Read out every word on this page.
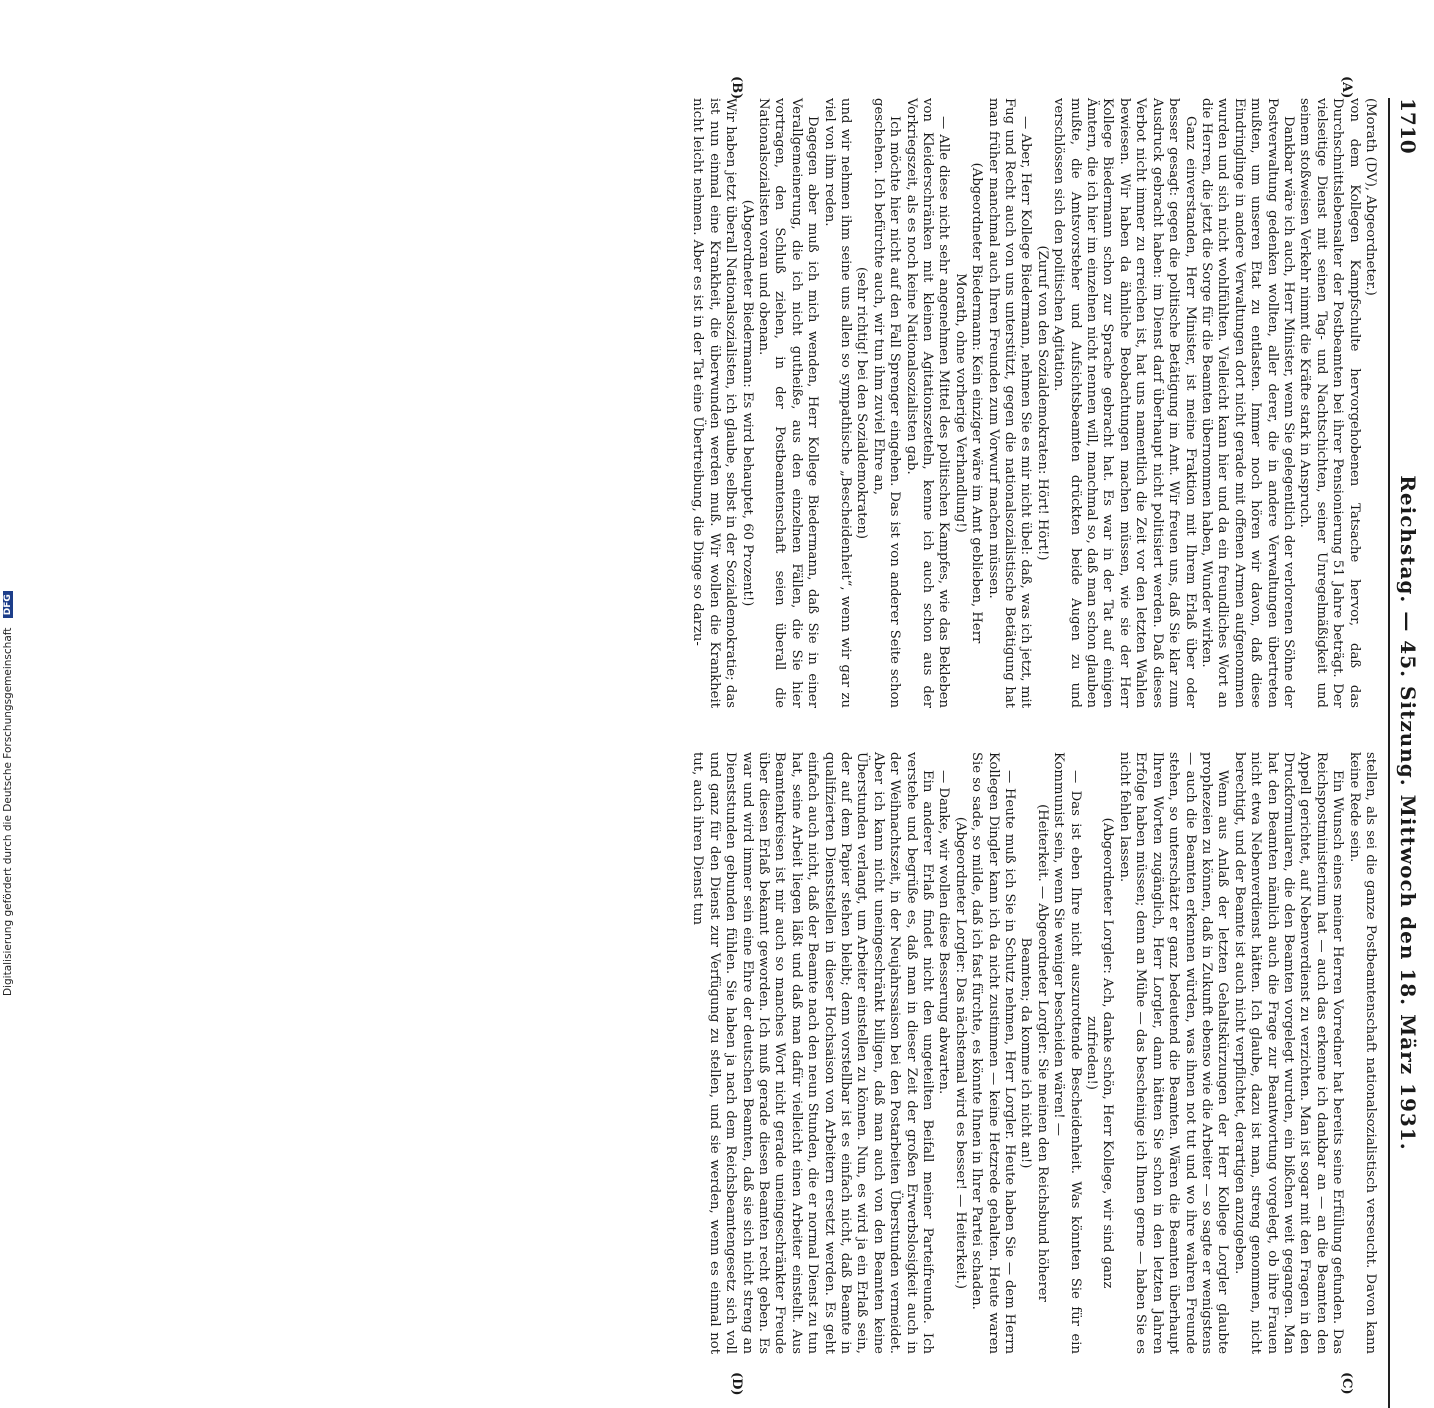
Digitalisierung gefördert durch die Deutsche Forschungsgemeinschaft DFG
1710
Reichstag. — 45. Sitzung. Mittwoch den 18. März 1931.
(A)
(B)
(C)
(D)

(Morath (DV), Abgeordneter.)

von dem Kollegen Kampfschulte hervorgehobenen Tatsache hervor, daß das Durchschnittslebensalter der Postbeamten bei ihrer Pensionierung 51 Jahre beträgt. Der vielseitige Dienst mit seinen Tag- und Nachtschichten, seiner Unregelmäßigkeit und seinem stoßweisen Verkehr nimmt die Kräfte stark in Anspruch.

Dankbar wäre ich auch, Herr Minister, wenn Sie gelegentlich der verlorenen Söhne der Postverwaltung gedenken wollten, aller derer, die in andere Verwaltungen übertreten mußten, um unseren Etat zu entlasten. Immer noch hören wir davon, daß diese Eindringlinge in andere Verwaltungen dort nicht gerade mit offenen Armen aufgenommen wurden und sich nicht wohlfühlten. Vielleicht kann hier und da ein freundliches Wort an die Herren, die jetzt die Sorge für die Beamten übernommen haben, Wunder wirken.

Ganz einverstanden, Herr Minister, ist meine Fraktion mit Ihrem Erlaß über oder besser gesagt: gegen die politische Betätigung im Amt. Wir freuen uns, daß Sie klar zum Ausdruck gebracht haben: im Dienst darf überhaupt nicht politisiert werden. Daß dieses Verbot nicht immer zu erreichen ist, hat uns namentlich die Zeit vor den letzten Wahlen bewiesen. Wir haben da ähnliche Beobachtungen machen müssen, wie sie der Herr Kollege Biedermann schon zur Sprache gebracht hat. Es war in der Tat auf einigen Ämtern, die ich hier im einzelnen nicht nennen will, manchmal so, daß man schon glauben mußte, die Amtsvorsteher und Aufsichtsbeamten drückten beide Augen zu und verschlössen sich den politischen Agitation.

(Zuruf von den Sozialdemokraten: Hört! Hört!)

— Aber, Herr Kollege Biedermann, nehmen Sie es mir nicht übel: daß, was ich jetzt, mit Fug und Recht auch von uns unterstützt, gegen die nationalsozialistische Betätigung hat man früher manchmal auch Ihren Freunden zum Vorwurf machen müssen.

(Abgeordneter Biedermann: Kein einziger wäre im Amt geblieben, Herr Morath, ohne vorherige Verhandlung!)

— Alle diese nicht sehr angenehmen Mittel des politischen Kampfes, wie das Bekleben von Kleiderschränken mit kleinen Agitationszetteln, kenne ich auch schon aus der Vorkriegszeit, als es noch keine Nationalsozialisten gab.

Ich möchte hier nicht auf den Fall Sprenger eingehen. Das ist von anderer Seite schon geschehen. Ich befürchte auch, wir tun ihm zuviel Ehre an,

(sehr richtig! bei den Sozialdemokraten)

und wir nehmen ihm seine uns allen so sympathische „Bescheidenheit“, wenn wir gar zu viel von ihm reden.

Dagegen aber muß ich mich wenden, Herr Kollege Biedermann, daß Sie in einer Verallgemeinerung, die ich nicht gutheiße, aus den einzelnen Fällen, die Sie hier vortragen, den Schluß ziehen, in der Postbeamtenschaft seien überall die Nationalsozialisten voran und obenan.

(Abgeordneter Biedermann: Es wird behauptet, 60 Prozent!)

Wir haben jetzt überall Nationalsozialisten, ich glaube, selbst in der Sozialdemokratie; das ist nun einmal eine Krankheit, die überwunden werden muß. Wir wollen die Krankheit nicht leicht nehmen. Aber es ist in der Tat eine Übertreibung, die Dinge so darzu-

stellen, als sei die ganze Postbeamtenschaft nationalsozialistisch verseucht. Davon kann keine Rede sein.

Ein Wunsch eines meiner Herren Vorredner hat bereits seine Erfüllung gefunden. Das Reichspostministerium hat — auch das erkenne ich dankbar an — an die Beamten den Appell gerichtet, auf Nebenverdienst zu verzichten. Man ist sogar mit den Fragen in den Druckformularen, die den Beamten vorgelegt wurden, ein bißchen weit gegangen. Man hat den Beamten nämlich auch die Frage zur Beantwortung vorgelegt, ob ihre Frauen nicht etwa Nebenverdienst hätten. Ich glaube, dazu ist man, streng genommen, nicht berechtigt, und der Beamte ist auch nicht verpflichtet, derartigen anzugeben.

Wenn aus Anlaß der letzten Gehaltskürzungen der Herr Kollege Lorgler glaubte prophezeien zu können, daß in Zukunft ebenso wie die Arbeiter — so sagte er wenigstens — auch die Beamten erkennen würden, was ihnen not tut und wo ihre wahren Freunde stehen, so unterschätzt er ganz bedeutend die Beamten. Wären die Beamten überhaupt Ihren Worten zugänglich, Herr Lorgler, dann hätten Sie schon in den letzten Jahren Erfolge haben müssen; denn an Mühe — das bescheinige ich Ihnen gerne — haben Sie es nicht fehlen lassen.

(Abgeordneter Lorgler: Ach, danke schön, Herr Kollege, wir sind ganz zufrieden!)

— Das ist eben Ihre nicht auszurottende Bescheidenheit. Was könnten Sie für ein Kommunist sein, wenn Sie weniger bescheiden wären! —

(Heiterkeit. — Abgeordneter Lorgler: Sie meinen den Reichsbund höherer Beamten; da komme ich nicht an!)

— Heute muß ich Sie in Schutz nehmen, Herr Lorgler. Heute haben Sie — dem Herrn Kollegen Dingler kann ich da nicht zustimmen — keine Hetzrede gehalten. Heute waren Sie so sade, so milde, daß ich fast fürchte, es könnte Ihnen in Ihrer Partei schaden.

(Abgeordneter Lorgler: Das nächstemal wird es besser! — Heiterkeit.)

— Danke, wir wollen diese Besserung abwarten.

Ein anderer Erlaß findet nicht den ungeteilten Beifall meiner Parteifreunde. Ich verstehe und begrüße es, daß man in dieser Zeit der großen Erwerbslosigkeit auch in der Weihnachtszeit, in der Neujahrssaison bei den Postarbeiten Überstunden vermeidet. Aber ich kann nicht uneingeschränkt billigen, daß man auch von den Beamten keine Überstunden verlangt, um Arbeiter einstellen zu können. Nun, es wird ja ein Erlaß sein, der auf dem Papier stehen bleibt; denn vorstellbar ist es einfach nicht, daß Beamte in qualifizierten Dienststellen in dieser Hochsaison von Arbeitern ersetzt werden. Es geht einfach auch nicht, daß der Beamte nach den neun Stunden, die er normal Dienst zu tun hat, seine Arbeit liegen läßt und daß man dafür vielleicht einen Arbeiter einstellt. Aus Beamtenkreisen ist mir auch so manches Wort nicht gerade uneingeschränkter Freude über diesen Erlaß bekannt geworden. Ich muß gerade diesen Beamten recht geben. Es war und wird immer sein eine Ehre der deutschen Beamten, daß sie sich nicht streng an Dienststunden gebunden fühlen. Sie haben ja nach dem Reichsbeamtengesetz sich voll und ganz für den Dienst zur Verfügung zu stellen, und sie werden, wenn es einmal not tut, auch ihren Dienst tun
